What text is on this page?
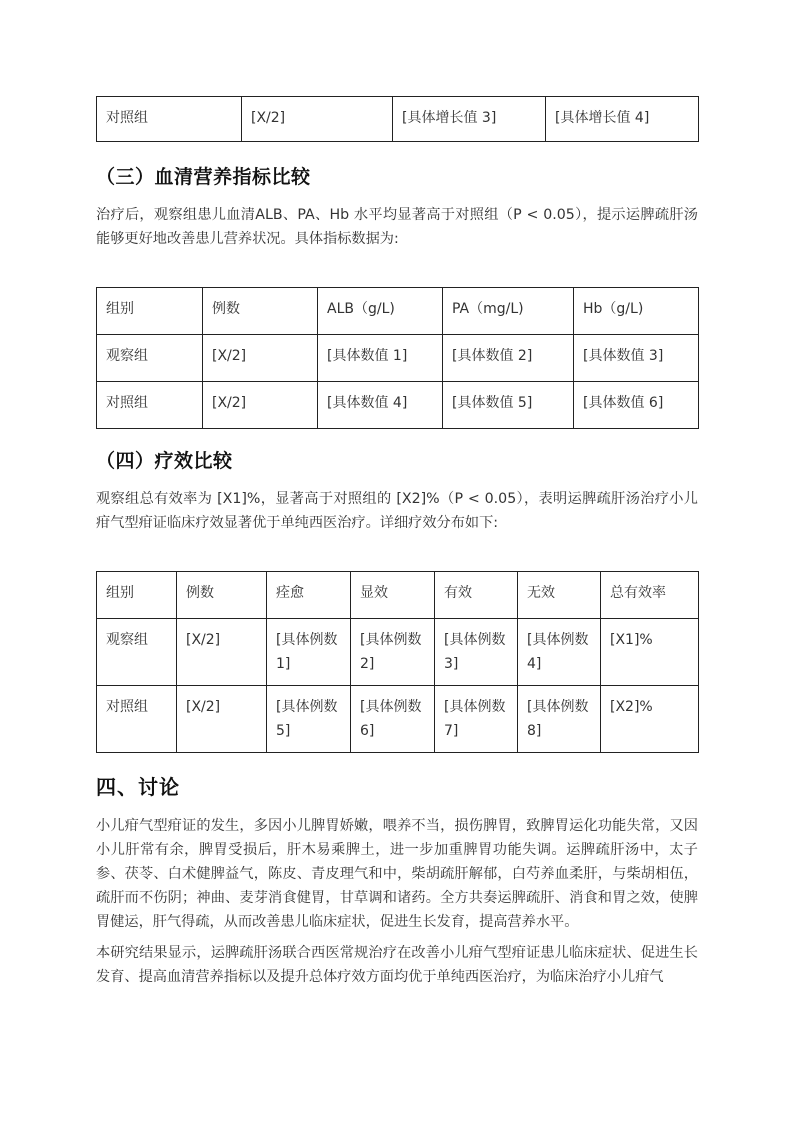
对照组	[X/2]	[具体增长值 3]	[具体增长值 4]
（三）血清营养指标比较

治疗后，观察组患儿血清ALB、PA、Hb 水平均显著高于对照组（P < 0.05），提示运脾疏肝汤能够更好地改善患儿营养状况。具体指标数据为:

组别	例数	ALB（g/L)	PA（mg/L)	Hb（g/L)
观察组	[X/2]	[具体数值 1]	[具体数值 2]	[具体数值 3]
对照组	[X/2]	[具体数值 4]	[具体数值 5]	[具体数值 6]
（四）疗效比较

观察组总有效率为 [X1]%，显著高于对照组的 [X2]%（P < 0.05），表明运脾疏肝汤治疗小儿疳气型疳证临床疗效显著优于单纯西医治疗。详细疗效分布如下:

组别	例数	痊愈	显效	有效	无效	总有效率
观察组	[X/2]	[具体例数 1]	[具体例数 2]	[具体例数 3]	[具体例数 4]	[X1]%
对照组	[X/2]	[具体例数 5]	[具体例数 6]	[具体例数 7]	[具体例数 8]	[X2]%
四、讨论

小儿疳气型疳证的发生，多因小儿脾胃娇嫩，喂养不当，损伤脾胃，致脾胃运化功能失常，又因小儿肝常有余，脾胃受损后，肝木易乘脾土，进一步加重脾胃功能失调。运脾疏肝汤中，太子参、茯苓、白术健脾益气，陈皮、青皮理气和中，柴胡疏肝解郁，白芍养血柔肝，与柴胡相伍，疏肝而不伤阴；神曲、麦芽消食健胃，甘草调和诸药。全方共奏运脾疏肝、消食和胃之效，使脾胃健运，肝气得疏，从而改善患儿临床症状，促进生长发育，提高营养水平。

本研究结果显示，运脾疏肝汤联合西医常规治疗在改善小儿疳气型疳证患儿临床症状、促进生长发育、提高血清营养指标以及提升总体疗效方面均优于单纯西医治疗，为临床治疗小儿疳气
